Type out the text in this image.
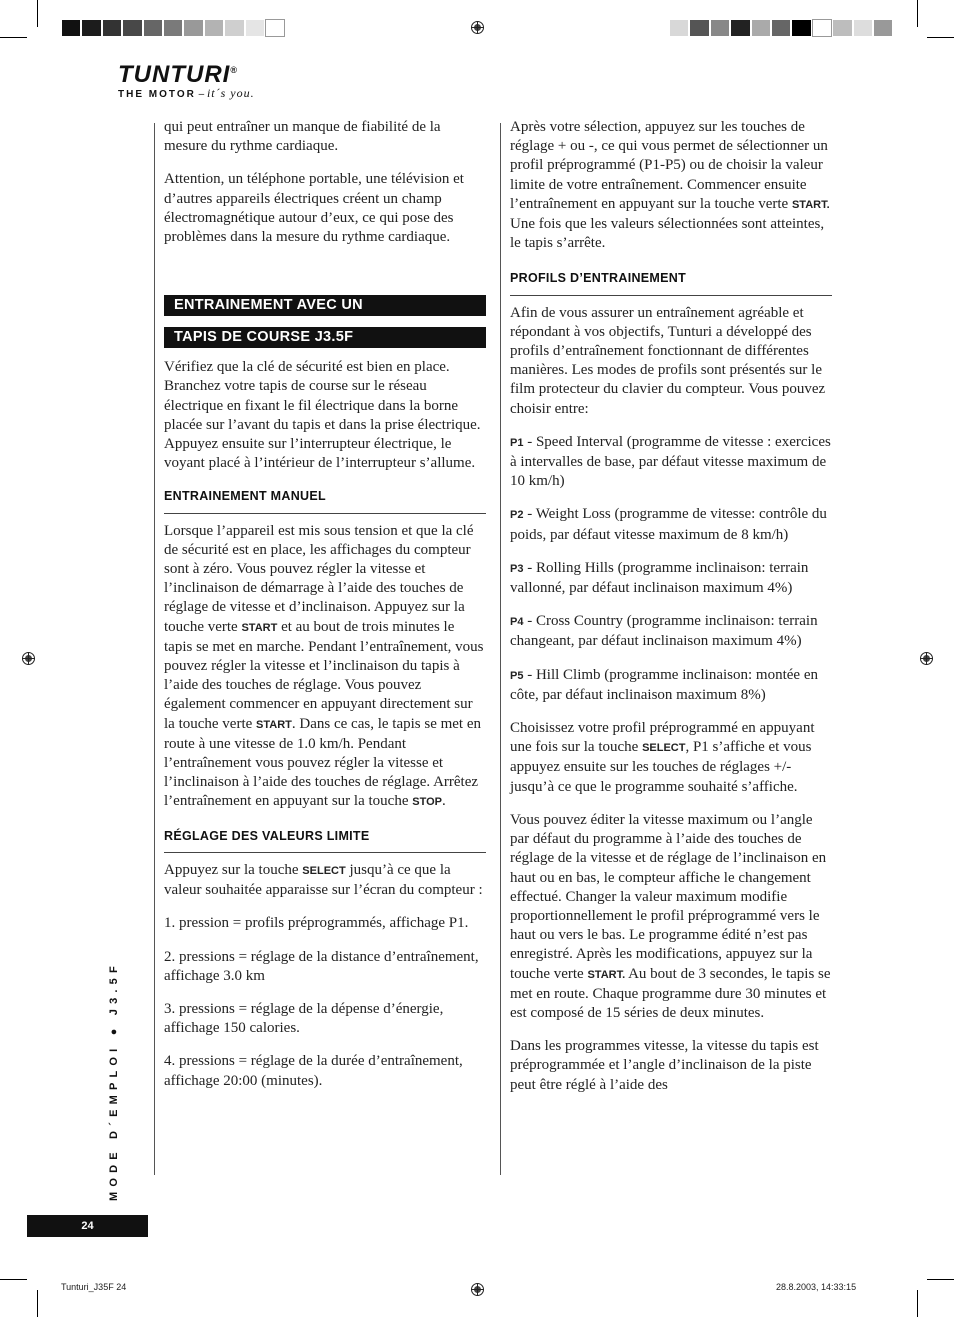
TUNTURI®
THE MOTOR – it´s you.

qui peut entraîner un manque de fiabilité de la mesure du rythme cardiaque.

Attention, un téléphone portable, une télévision et d’autres appareils électriques créent un champ électromagnétique autour d’eux, ce qui pose des problèmes dans la mesure du rythme cardiaque.

ENTRAINEMENT AVEC UN
TAPIS DE COURSE J3.5F

Vérifiez que la clé de sécurité est bien en place. Branchez votre tapis de course sur le réseau électrique en fixant le fil électrique dans la borne placée sur l’avant du tapis et dans la prise électrique. Appuyez ensuite sur l’interrupteur électrique, le voyant placé à l’intérieur de l’interrupteur s’allume.

ENTRAINEMENT MANUEL

Lorsque l’appareil est mis sous tension et que la clé de sécurité est en place, les affichages du compteur sont à zéro. Vous pouvez régler la vitesse et l’inclinaison de démarrage à l’aide des touches de réglage de vitesse et d’inclinaison. Appuyez sur la touche verte START et au bout de trois minutes le tapis se met en marche. Pendant l’entraînement, vous pouvez régler la vitesse et l’inclinaison du tapis à l’aide des touches de réglage. Vous pouvez également commencer en appuyant directement sur la touche verte START. Dans ce cas, le tapis se met en route à une vitesse de 1.0 km/h. Pendant l’entraînement vous pouvez régler la vitesse et l’inclinaison à l’aide des touches de réglage. Arrêtez l’entraînement en appuyant sur la touche STOP.

RÉGLAGE DES VALEURS LIMITE

Appuyez sur la touche SELECT jusqu’à ce que la valeur souhaitée apparaisse sur l’écran du compteur :

1. pression = profils préprogrammés, affichage P1.

2. pressions = réglage de la distance d’entraînement, affichage 3.0 km

3. pressions = réglage de la dépense d’énergie, affichage 150 calories.

4. pressions = réglage de la durée d’entraînement, affichage 20:00 (minutes).

Après votre sélection, appuyez sur les touches de réglage + ou -, ce qui vous permet de sélectionner un profil préprogrammé (P1-P5) ou de choisir la valeur limite de votre entraînement. Commencer ensuite l’entraînement en appuyant sur la touche verte START. Une fois que les valeurs sélectionnées sont atteintes, le tapis s’arrête.

PROFILS D’ENTRAINEMENT

Afin de vous assurer un entraînement agréable et répondant à vos objectifs, Tunturi a développé des profils d’entraînement fonctionnant de différentes manières. Les modes de profils sont présentés sur le film protecteur du clavier du compteur. Vous pouvez choisir entre:

P1 - Speed Interval (programme de vitesse : exercices à intervalles de base, par défaut vitesse maximum de 10 km/h)

P2 - Weight Loss (programme de vitesse: contrôle du poids, par défaut vitesse maximum de 8 km/h)

P3 - Rolling Hills (programme inclinaison: terrain vallonné, par défaut inclinaison maximum 4%)

P4 - Cross Country (programme inclinaison: terrain changeant, par défaut inclinaison maximum 4%)

P5 - Hill Climb (programme inclinaison: montée en côte, par défaut inclinaison maximum 8%)

Choisissez votre profil préprogrammé en appuyant une fois sur la touche SELECT, P1 s’affiche et vous appuyez ensuite sur les touches de réglages +/- jusqu’à ce que le programme souhaité s’affiche.

Vous pouvez éditer la vitesse maximum ou l’angle par défaut du programme à l’aide des touches de réglage de la vitesse et de réglage de l’inclinaison en haut ou en bas, le compteur affiche le changement effectué. Changer la valeur maximum modifie proportionnellement le profil préprogrammé vers le haut ou vers le bas. Le programme édité n’est pas enregistré. Après les modifications, appuyez sur la touche verte START. Au bout de 3 secondes, le tapis se met en route. Chaque programme dure 30 minutes et est composé de 15 séries de deux minutes.

Dans les programmes vitesse, la vitesse du tapis est préprogrammée et l’angle d’inclinaison de la piste peut être réglé à l’aide des

MODE D´EMPLOI ● J3.5F
24
Tunturi_J35F 24	28.8.2003, 14:33:15
